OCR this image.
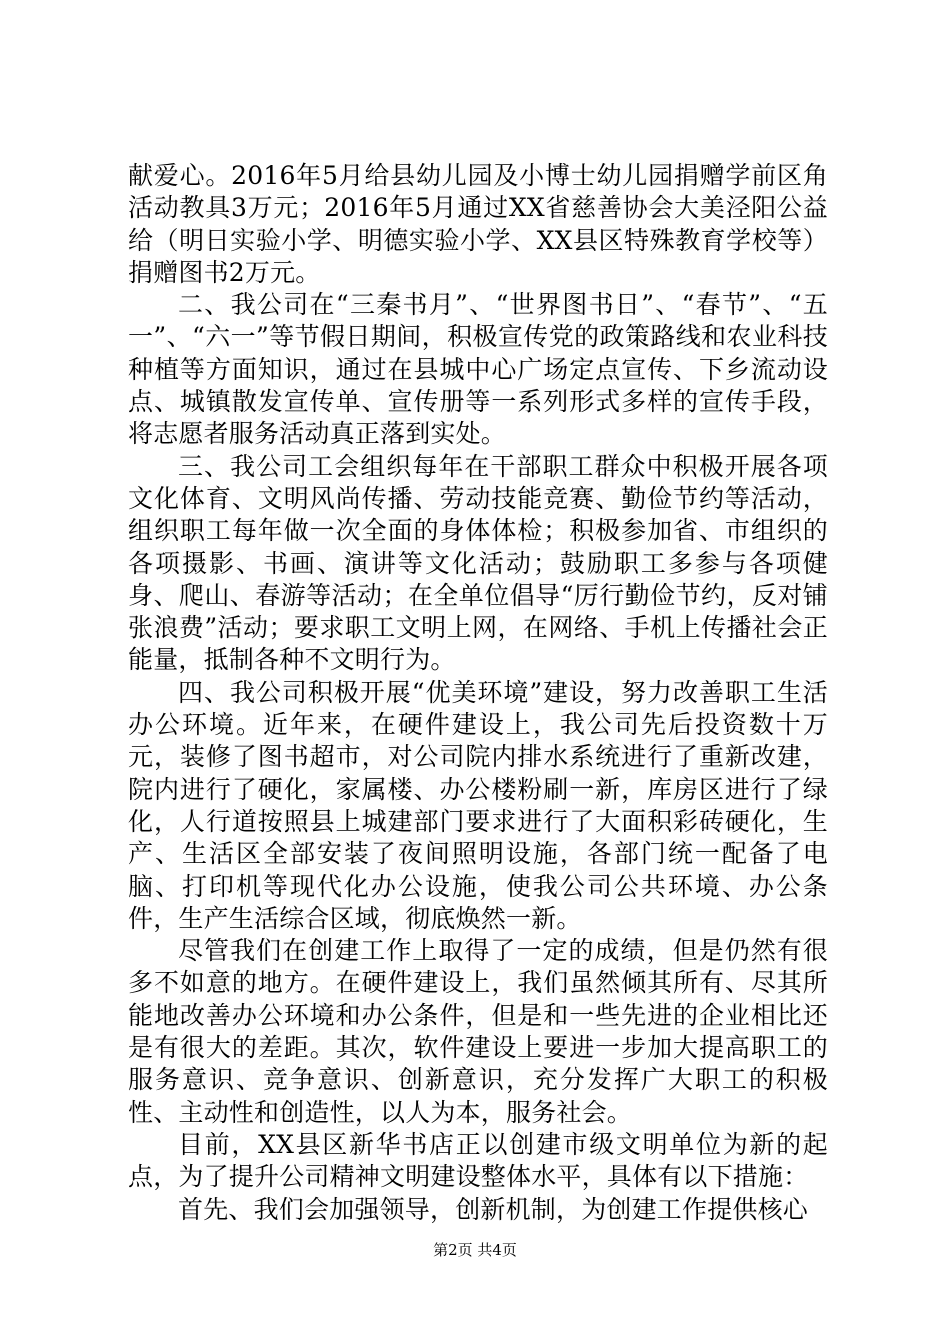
献爱心。2016年5月给县幼儿园及小博士幼儿园捐赠学前区角活动教具3万元；2016年5月通过XX省慈善协会大美泾阳公益给（明日实验小学、明德实验小学、XX县区特殊教育学校等）捐赠图书2万元。

二、我公司在“三秦书月”、“世界图书日”、“春节”、“五一”、“六一”等节假日期间，积极宣传党的政策路线和农业科技种植等方面知识，通过在县城中心广场定点宣传、下乡流动设点、城镇散发宣传单、宣传册等一系列形式多样的宣传手段，将志愿者服务活动真正落到实处。

三、我公司工会组织每年在干部职工群众中积极开展各项文化体育、文明风尚传播、劳动技能竞赛、勤俭节约等活动，组织职工每年做一次全面的身体体检；积极参加省、市组织的各项摄影、书画、演讲等文化活动；鼓励职工多参与各项健身、爬山、春游等活动；在全单位倡导“厉行勤俭节约，反对铺张浪费”活动；要求职工文明上网，在网络、手机上传播社会正能量，抵制各种不文明行为。

四、我公司积极开展“优美环境”建设，努力改善职工生活办公环境。近年来，在硬件建设上，我公司先后投资数十万元，装修了图书超市，对公司院内排水系统进行了重新改建，院内进行了硬化，家属楼、办公楼粉刷一新，库房区进行了绿化，人行道按照县上城建部门要求进行了大面积彩砖硬化，生产、生活区全部安装了夜间照明设施，各部门统一配备了电脑、打印机等现代化办公设施，使我公司公共环境、办公条件，生产生活综合区域，彻底焕然一新。

尽管我们在创建工作上取得了一定的成绩，但是仍然有很多不如意的地方。在硬件建设上，我们虽然倾其所有、尽其所能地改善办公环境和办公条件，但是和一些先进的企业相比还是有很大的差距。其次，软件建设上要进一步加大提高职工的服务意识、竞争意识、创新意识，充分发挥广大职工的积极性、主动性和创造性，以人为本，服务社会。

目前，XX县区新华书店正以创建市级文明单位为新的起点，为了提升公司精神文明建设整体水平，具体有以下措施：

首先、我们会加强领导，创新机制，为创建工作提供核心

第2页 共4页
